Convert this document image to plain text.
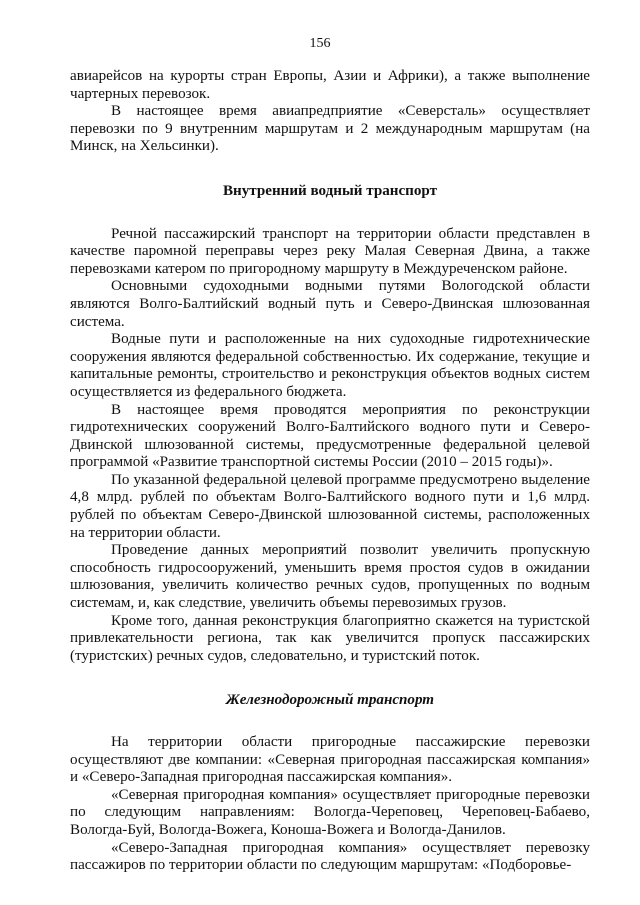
156

авиарейсов на курорты стран Европы, Азии и Африки), а также выполнение чартерных перевозок.

В настоящее время авиапредприятие «Северсталь» осуществляет перевозки по 9 внутренним маршрутам и 2 международным маршрутам (на Минск, на Хельсинки).

Внутренний водный транспорт

Речной пассажирский транспорт на территории области представлен в качестве паромной переправы через реку Малая Северная Двина, а также перевозками катером по пригородному маршруту в Междуреченском районе.

Основными судоходными водными путями Вологодской области являются Волго-Балтийский водный путь и Северо-Двинская шлюзованная система.

Водные пути и расположенные на них судоходные гидротехнические сооружения являются федеральной собственностью. Их содержание, текущие и капитальные ремонты, строительство и реконструкция объектов водных систем осуществляется из федерального бюджета.

В настоящее время проводятся мероприятия по реконструкции гидротехнических сооружений Волго-Балтийского водного пути и Северо-Двинской шлюзованной системы, предусмотренные федеральной целевой программой «Развитие транспортной системы России (2010 – 2015 годы)».

По указанной федеральной целевой программе предусмотрено выделение 4,8 млрд. рублей по объектам Волго-Балтийского водного пути и 1,6 млрд. рублей по объектам Северо-Двинской шлюзованной системы, расположенных на территории области.

Проведение данных мероприятий позволит увеличить пропускную способность гидросооружений, уменьшить время простоя судов в ожидании шлюзования, увеличить количество речных судов, пропущенных по водным системам, и, как следствие, увеличить объемы перевозимых грузов.

Кроме того, данная реконструкция благоприятно скажется на туристской привлекательности региона, так как увеличится пропуск пассажирских (туристских) речных судов, следовательно, и туристский поток.

Железнодорожный транспорт

На территории области пригородные пассажирские перевозки осуществляют две компании: «Северная пригородная пассажирская компания» и «Северо-Западная пригородная пассажирская компания».

«Северная пригородная компания» осуществляет пригородные перевозки по следующим направлениям: Вологда-Череповец, Череповец-Бабаево, Вологда-Буй, Вологда-Вожега, Коноша-Вожега и Вологда-Данилов.

«Северо-Западная пригородная компания» осуществляет перевозку пассажиров по территории области по следующим маршрутам: «Подборовье-
